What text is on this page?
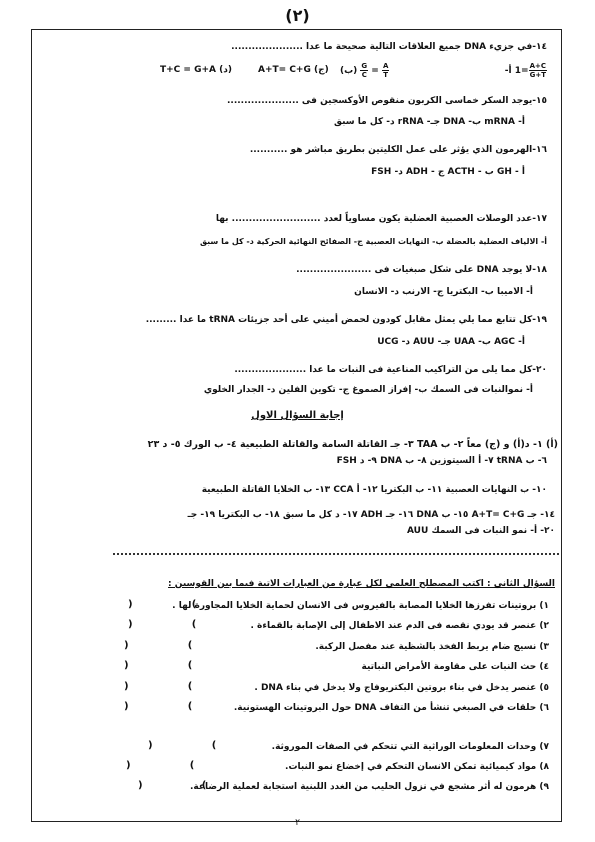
(٢)
١٤-في جزيء DNA جميع العلاقات التالية صحيحة ما عدا .....................
$\frac{A+C}{G+T}$
=1 أ-
$\frac{A}{T}$
=
$\frac{G}{C}$
(ب)
A+T= C+G (ج)
T+C = G+A (د)
١٥-يوجد السكر خماسى الكربون منقوص الأوكسجين فى .....................
أ- mRNA ب- DNA جـ- rRNA د- كل ما سبق
١٦-الهرمون الذي يؤثر على عمل الكليتين بطريق مباشر هو ...........
أ - GH ب - ACTH ج - ADH د- FSH
١٧-عدد الوصلات العصبية العضلية يكون مساوياً لعدد .......................... بها
أ- الالياف العضلية بالعضلة ب- النهايات العصبية ج- الصفائح النهائية الحركية د- كل ما سبق
١٨-لا يوجد DNA على شكل صبغيات فى ......................
أ- الاميبا ب- البكتريا ج- الارنب د- الانسان
١٩-كل تتابع مما يلي يمثل مقابل كودون لحمض أميني على أحد جزيئات tRNA ما عدا .........
أ- AGC ب- UAA جـ- AUU د- UCG
٢٠-كل مما يلى من التراكيب المناعية فى النبات ما عدا .....................
أ- نموالنبات فى السمك ب- إفراز الصموغ ج- تكوين الفلين د- الجدار الخلوي
إجابة السؤال الاول
(أ) ١- د(أ) و (ج) معاً ٢- ب TAA ٣- جـ القاتلة السامة والقاتلة الطبيعية ٤- ب الورك ٥- د ٢٣
٦- ب tRNA ٧- أ السيتوزين ٨- ب DNA ٩- د FSH
١٠- ب النهايات العصبية ١١- ب البكتريا ١٢- أ CCA ١٣- ب الخلايا القاتلة الطبيعية
١٤- جـ A+T= C+G ١٥- ب DNA ١٦- جـ ADH ١٧- د كل ما سبق ١٨- ب البكتريا ١٩- جـ
AUU ٢٠- أ- نمو النبات فى السمك
السؤال الثاني : اكتب المصطلح العلمي لكل عبارة من العبارات الاتية فيما بين القوسين :
١) بروتينات تفرزها الخلايا المصابة بالفيروس فى الانسان لحماية الخلايا المجاورة لها .
)                 (
٢) عنصر قد يودي نقصه فى الدم عند الاطفال إلى الإصابة بالقماءة .
)                 (
٣) نسيج ضام يربط الفخذ بالشظية عند مفصل الركبة.
)                 (
٤) حث النبات على مقاومة الأمراض النباتية
)                 (
٥) عنصر يدخل في بناء بروتين البكتريوفاج ولا يدخل في بناء DNA .
)                 (
٦) حلقات في الصبغي تنشأ من التفاف DNA حول البروتينات الهستونية.
)                 (
٧) وحدات المعلومات الوراثية التي تتحكم في الصفات الموروثة.
)                 (
٨) مواد كيميائية تمكن الانسان التحكم في إخضاع نمو النبات.
)                 (
٩) هرمون له أثر مشجع في نزول الحليب من الغدد اللبنية استجابة لعملية الرضاعة.
)                 (
٢
